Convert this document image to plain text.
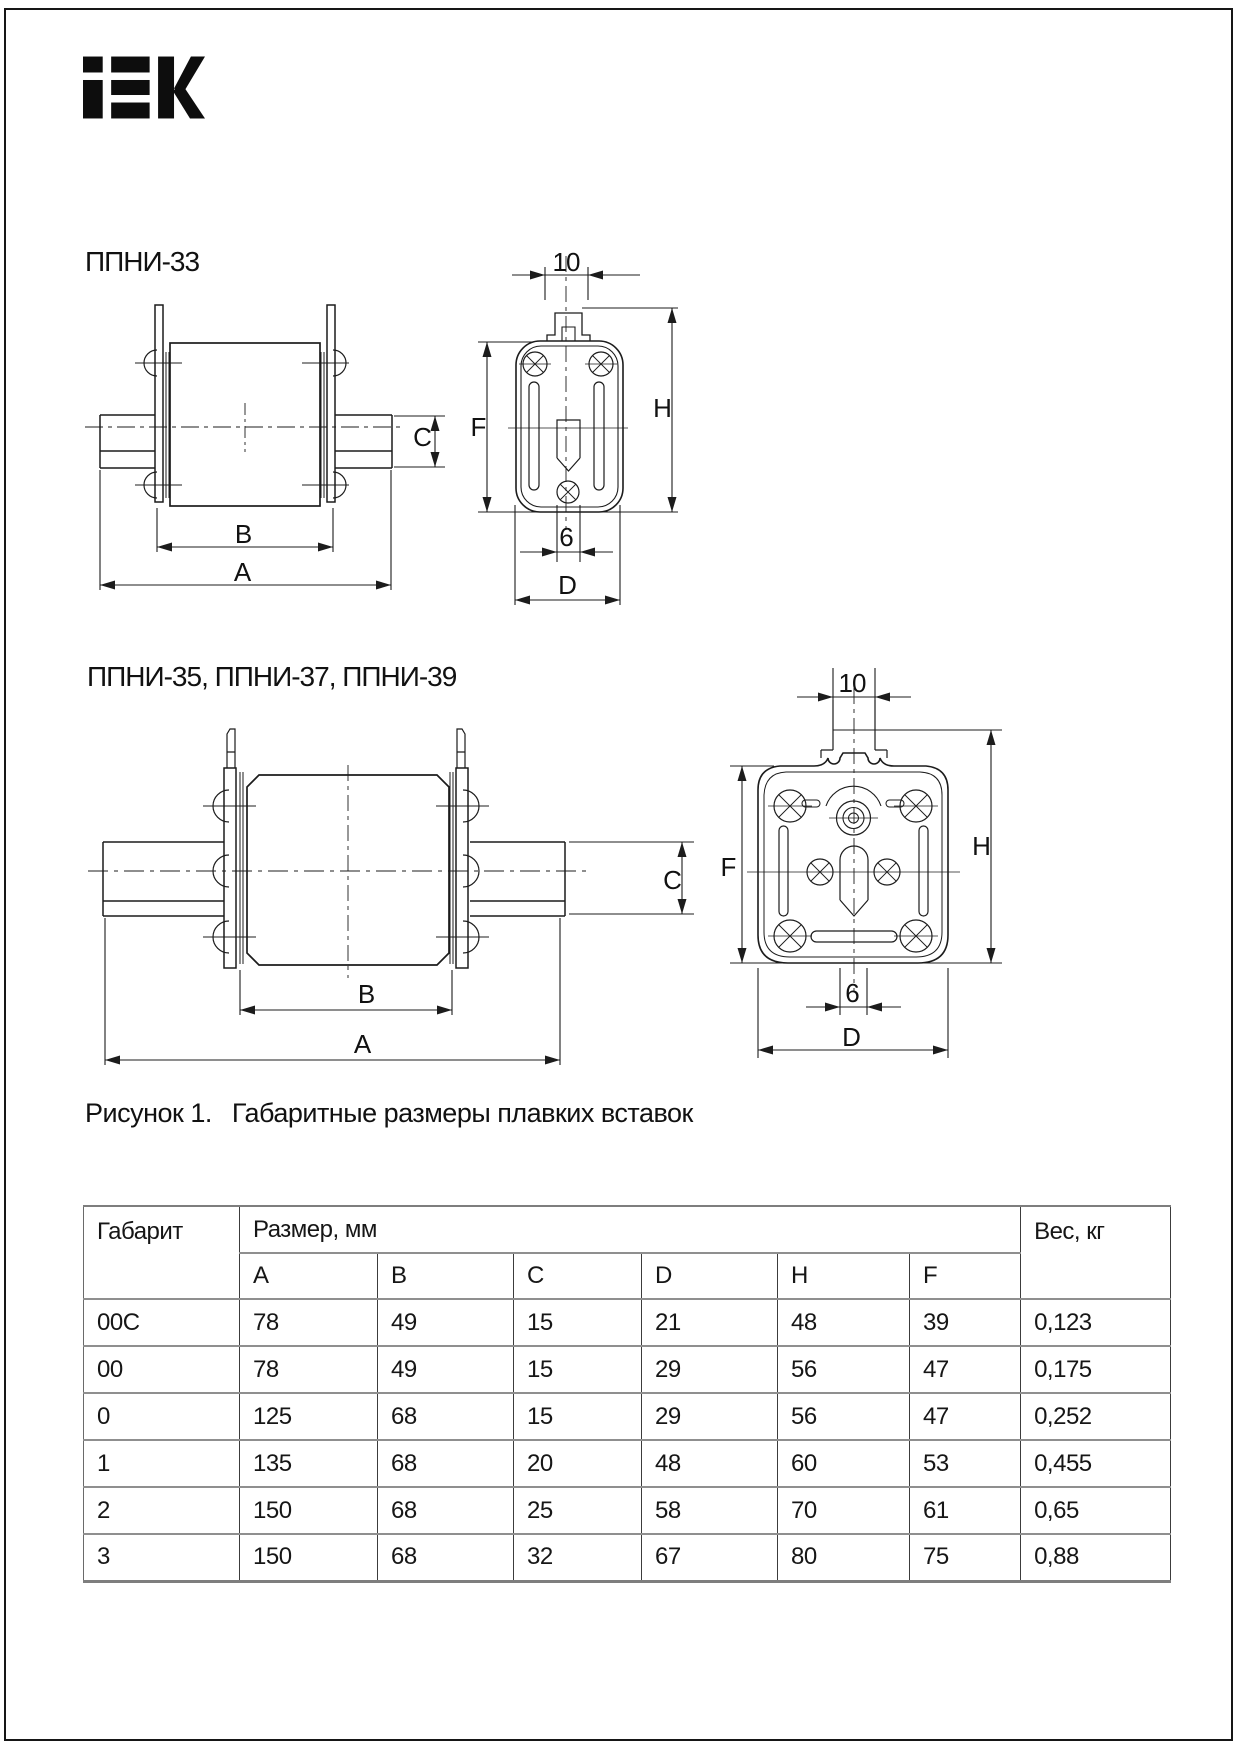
ППНИ-33	10
F
H
C
B
A
6
D
ППНИ-35, ППНИ-37, ППНИ-39	10
F
H
C
B
A
6
D
Рисунок 1. Габаритные размеры плавких вставок
Габарит	Размер, мм						Вес, кг
	A	B	C	D	H	F	
00C	78	49	15	21	48	39	0,123
00	78	49	15	29	56	47	0,175
0	125	68	15	29	56	47	0,252
1	135	68	20	48	60	53	0,455
2	150	68	25	58	70	61	0,65
3	150	68	32	67	80	75	0,88
